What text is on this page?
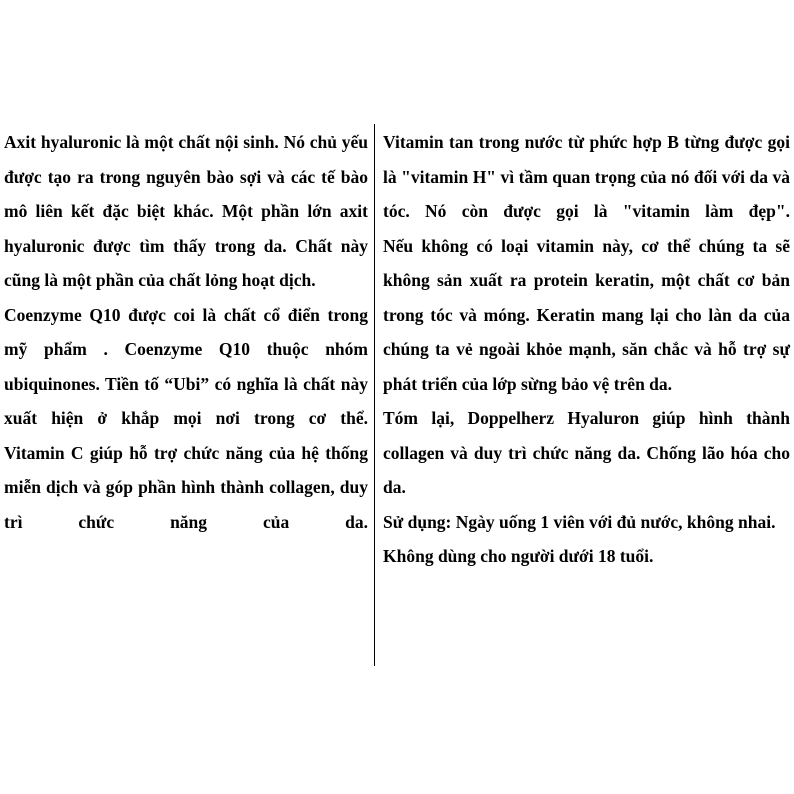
Axit hyaluronic là một chất nội sinh. Nó chủ yếu được tạo ra trong nguyên bào sợi và các tế bào mô liên kết đặc biệt khác. Một phần lớn axit hyaluronic được tìm thấy trong da. Chất này cũng là một phần của chất lỏng hoạt dịch.

Coenzyme Q10 được coi là chất cổ điển trong mỹ phẩm . Coenzyme Q10 thuộc nhóm ubiquinones. Tiền tố “Ubi” có nghĩa là chất này xuất hiện ở khắp mọi nơi trong cơ thể.

Vitamin C giúp hỗ trợ chức năng của hệ thống miễn dịch và góp phần hình thành collagen, duy trì chức năng của da.

Vitamin tan trong nước từ phức hợp B từng được gọi là "vitamin H" vì tầm quan trọng của nó đối với da và tóc. Nó còn được gọi là "vitamin làm đẹp".

Nếu không có loại vitamin này, cơ thể chúng ta sẽ không sản xuất ra protein keratin, một chất cơ bản trong tóc và móng. Keratin mang lại cho làn da của chúng ta vẻ ngoài khỏe mạnh, săn chắc và hỗ trợ sự phát triển của lớp sừng bảo vệ trên da.

Tóm lại, Doppelherz Hyaluron giúp hình thành collagen và duy trì chức năng da. Chống lão hóa cho da.

Sử dụng: Ngày uống 1 viên với đủ nước, không nhai.

Không dùng cho người dưới 18 tuổi.
